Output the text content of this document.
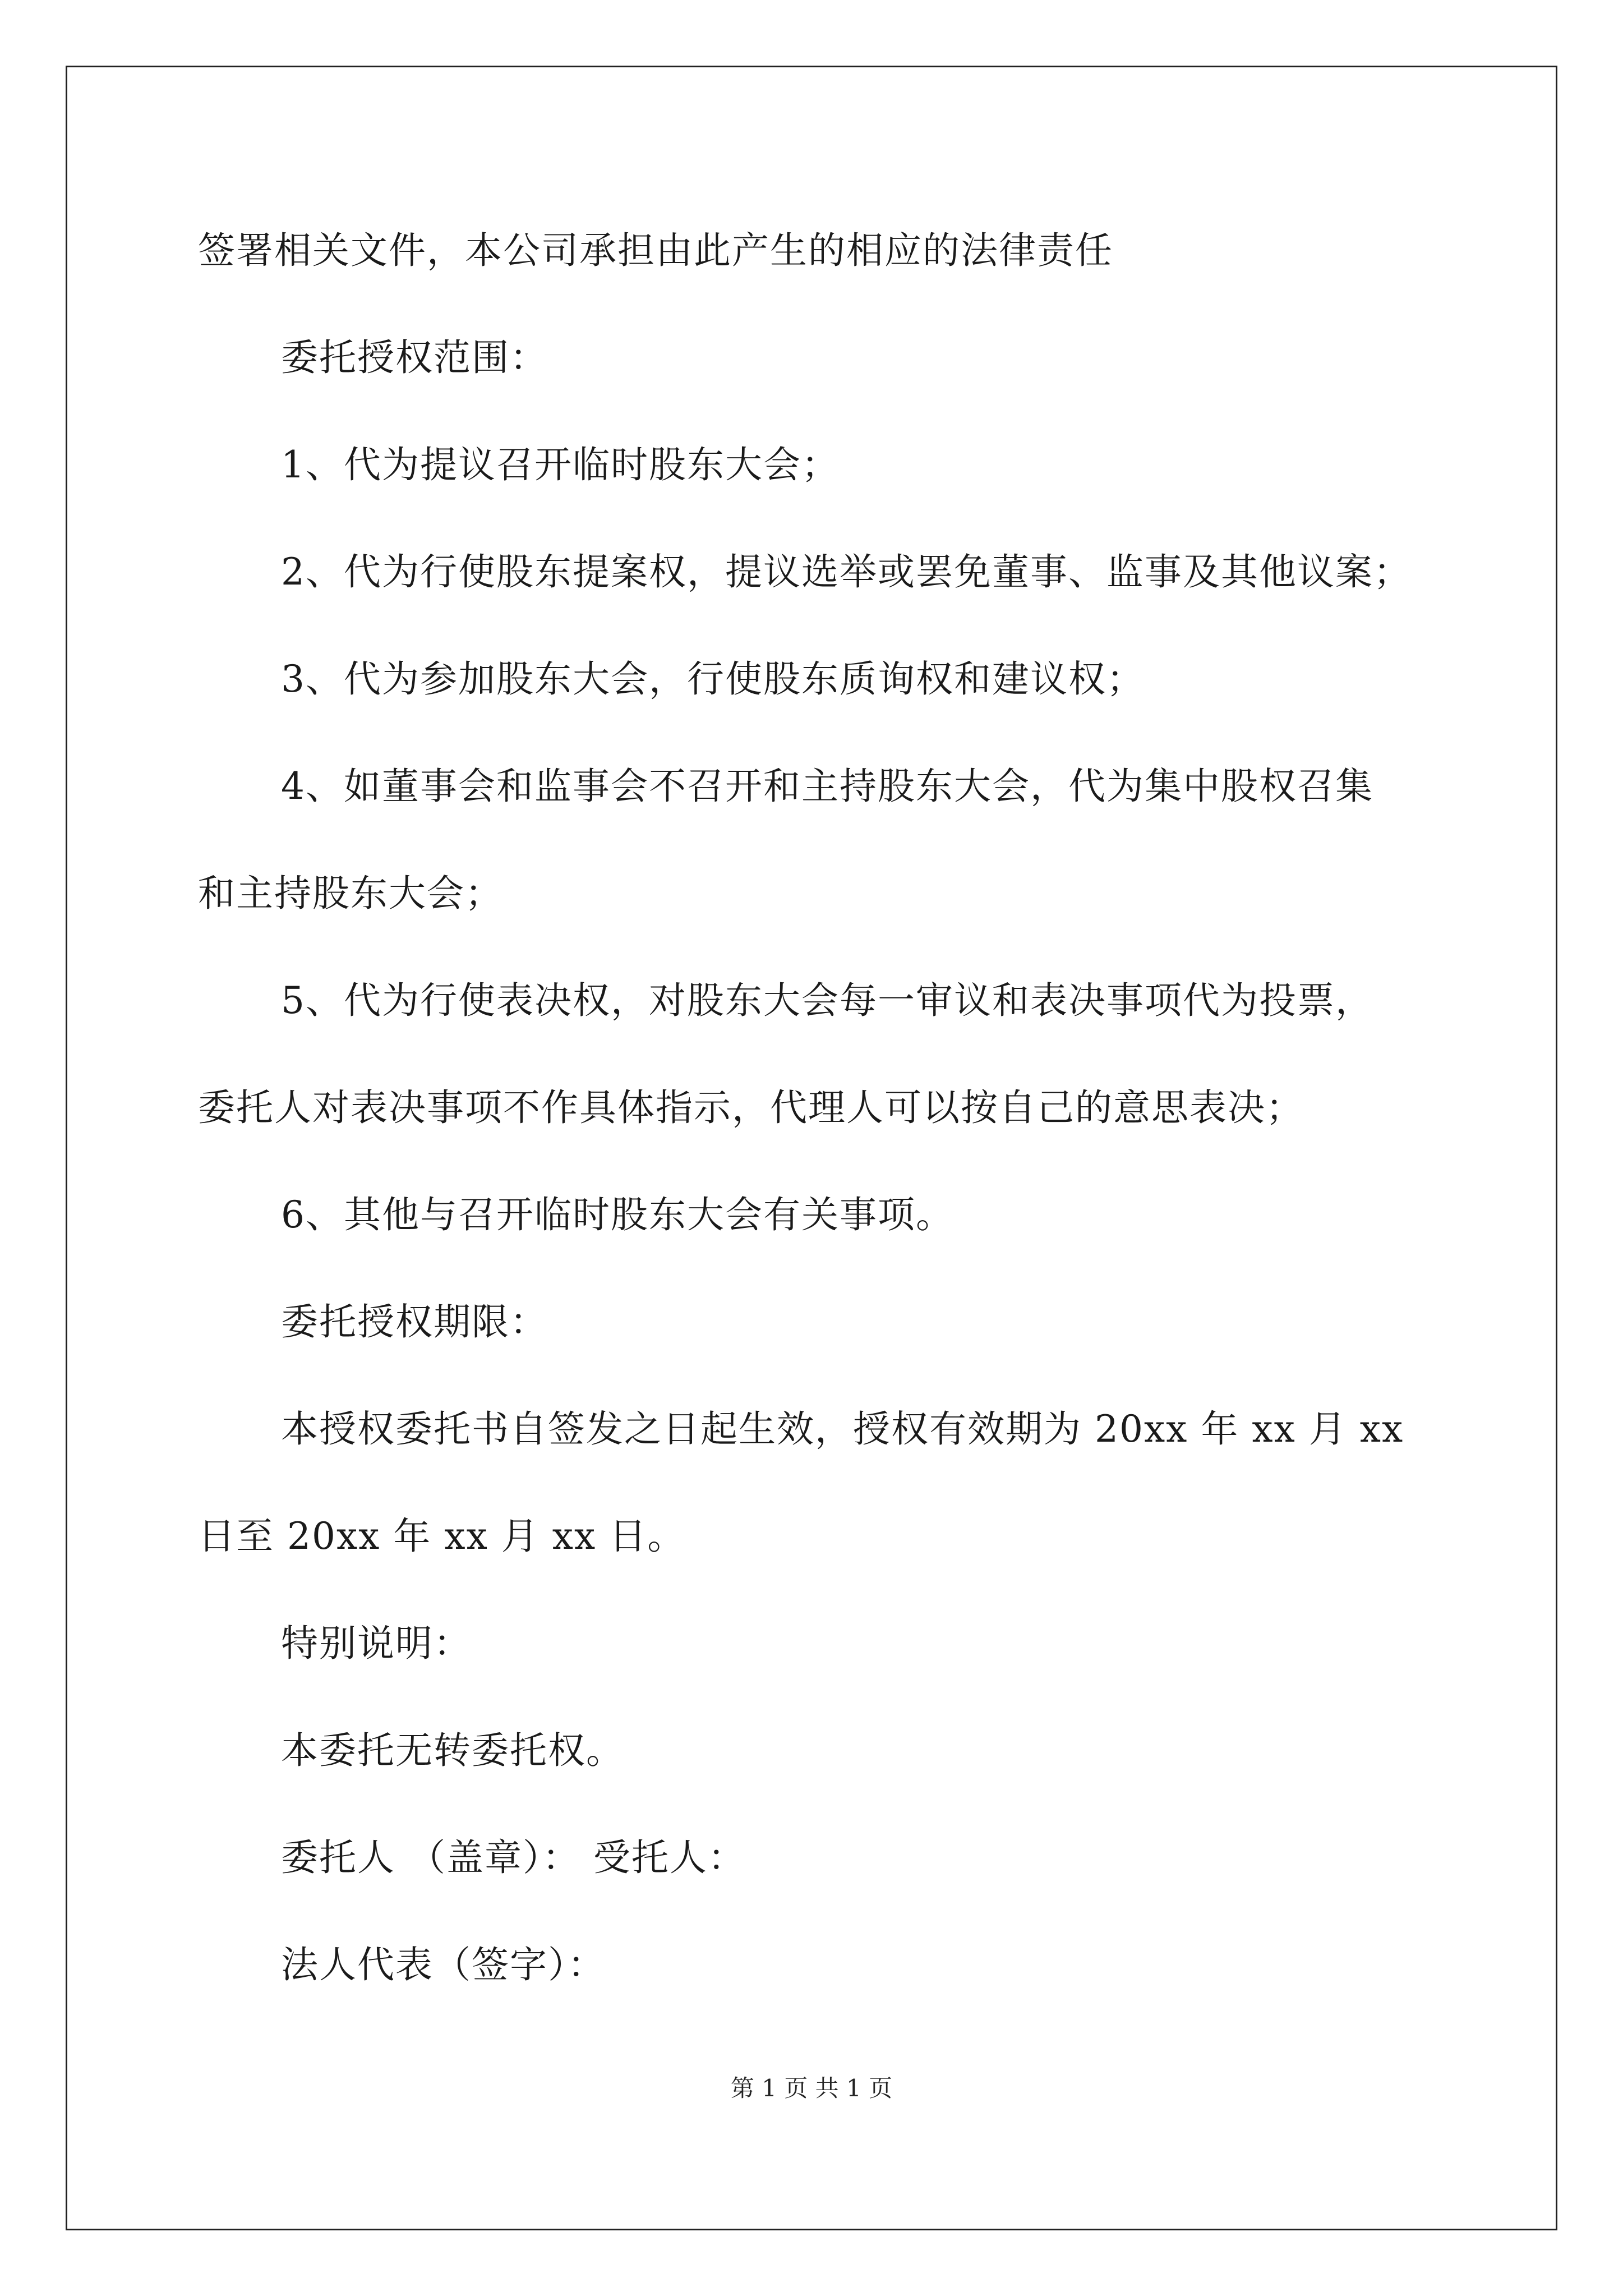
签署相关文件，本公司承担由此产生的相应的法律责任
委托授权范围：
1、代为提议召开临时股东大会；
2、代为行使股东提案权，提议选举或罢免董事、监事及其他议案；
3、代为参加股东大会，行使股东质询权和建议权；
4、如董事会和监事会不召开和主持股东大会，代为集中股权召集
和主持股东大会；
5、代为行使表决权，对股东大会每一审议和表决事项代为投票，
委托人对表决事项不作具体指示，代理人可以按自己的意思表决；
6、其他与召开临时股东大会有关事项。
委托授权期限：
本授权委托书自签发之日起生效，授权有效期为 20xx 年 xx 月 xx
日至 20xx 年 xx 月 xx 日。
特别说明：
本委托无转委托权。
委托人 （盖章）： 受托人：
法人代表（签字）：
第 1 页 共 1 页
